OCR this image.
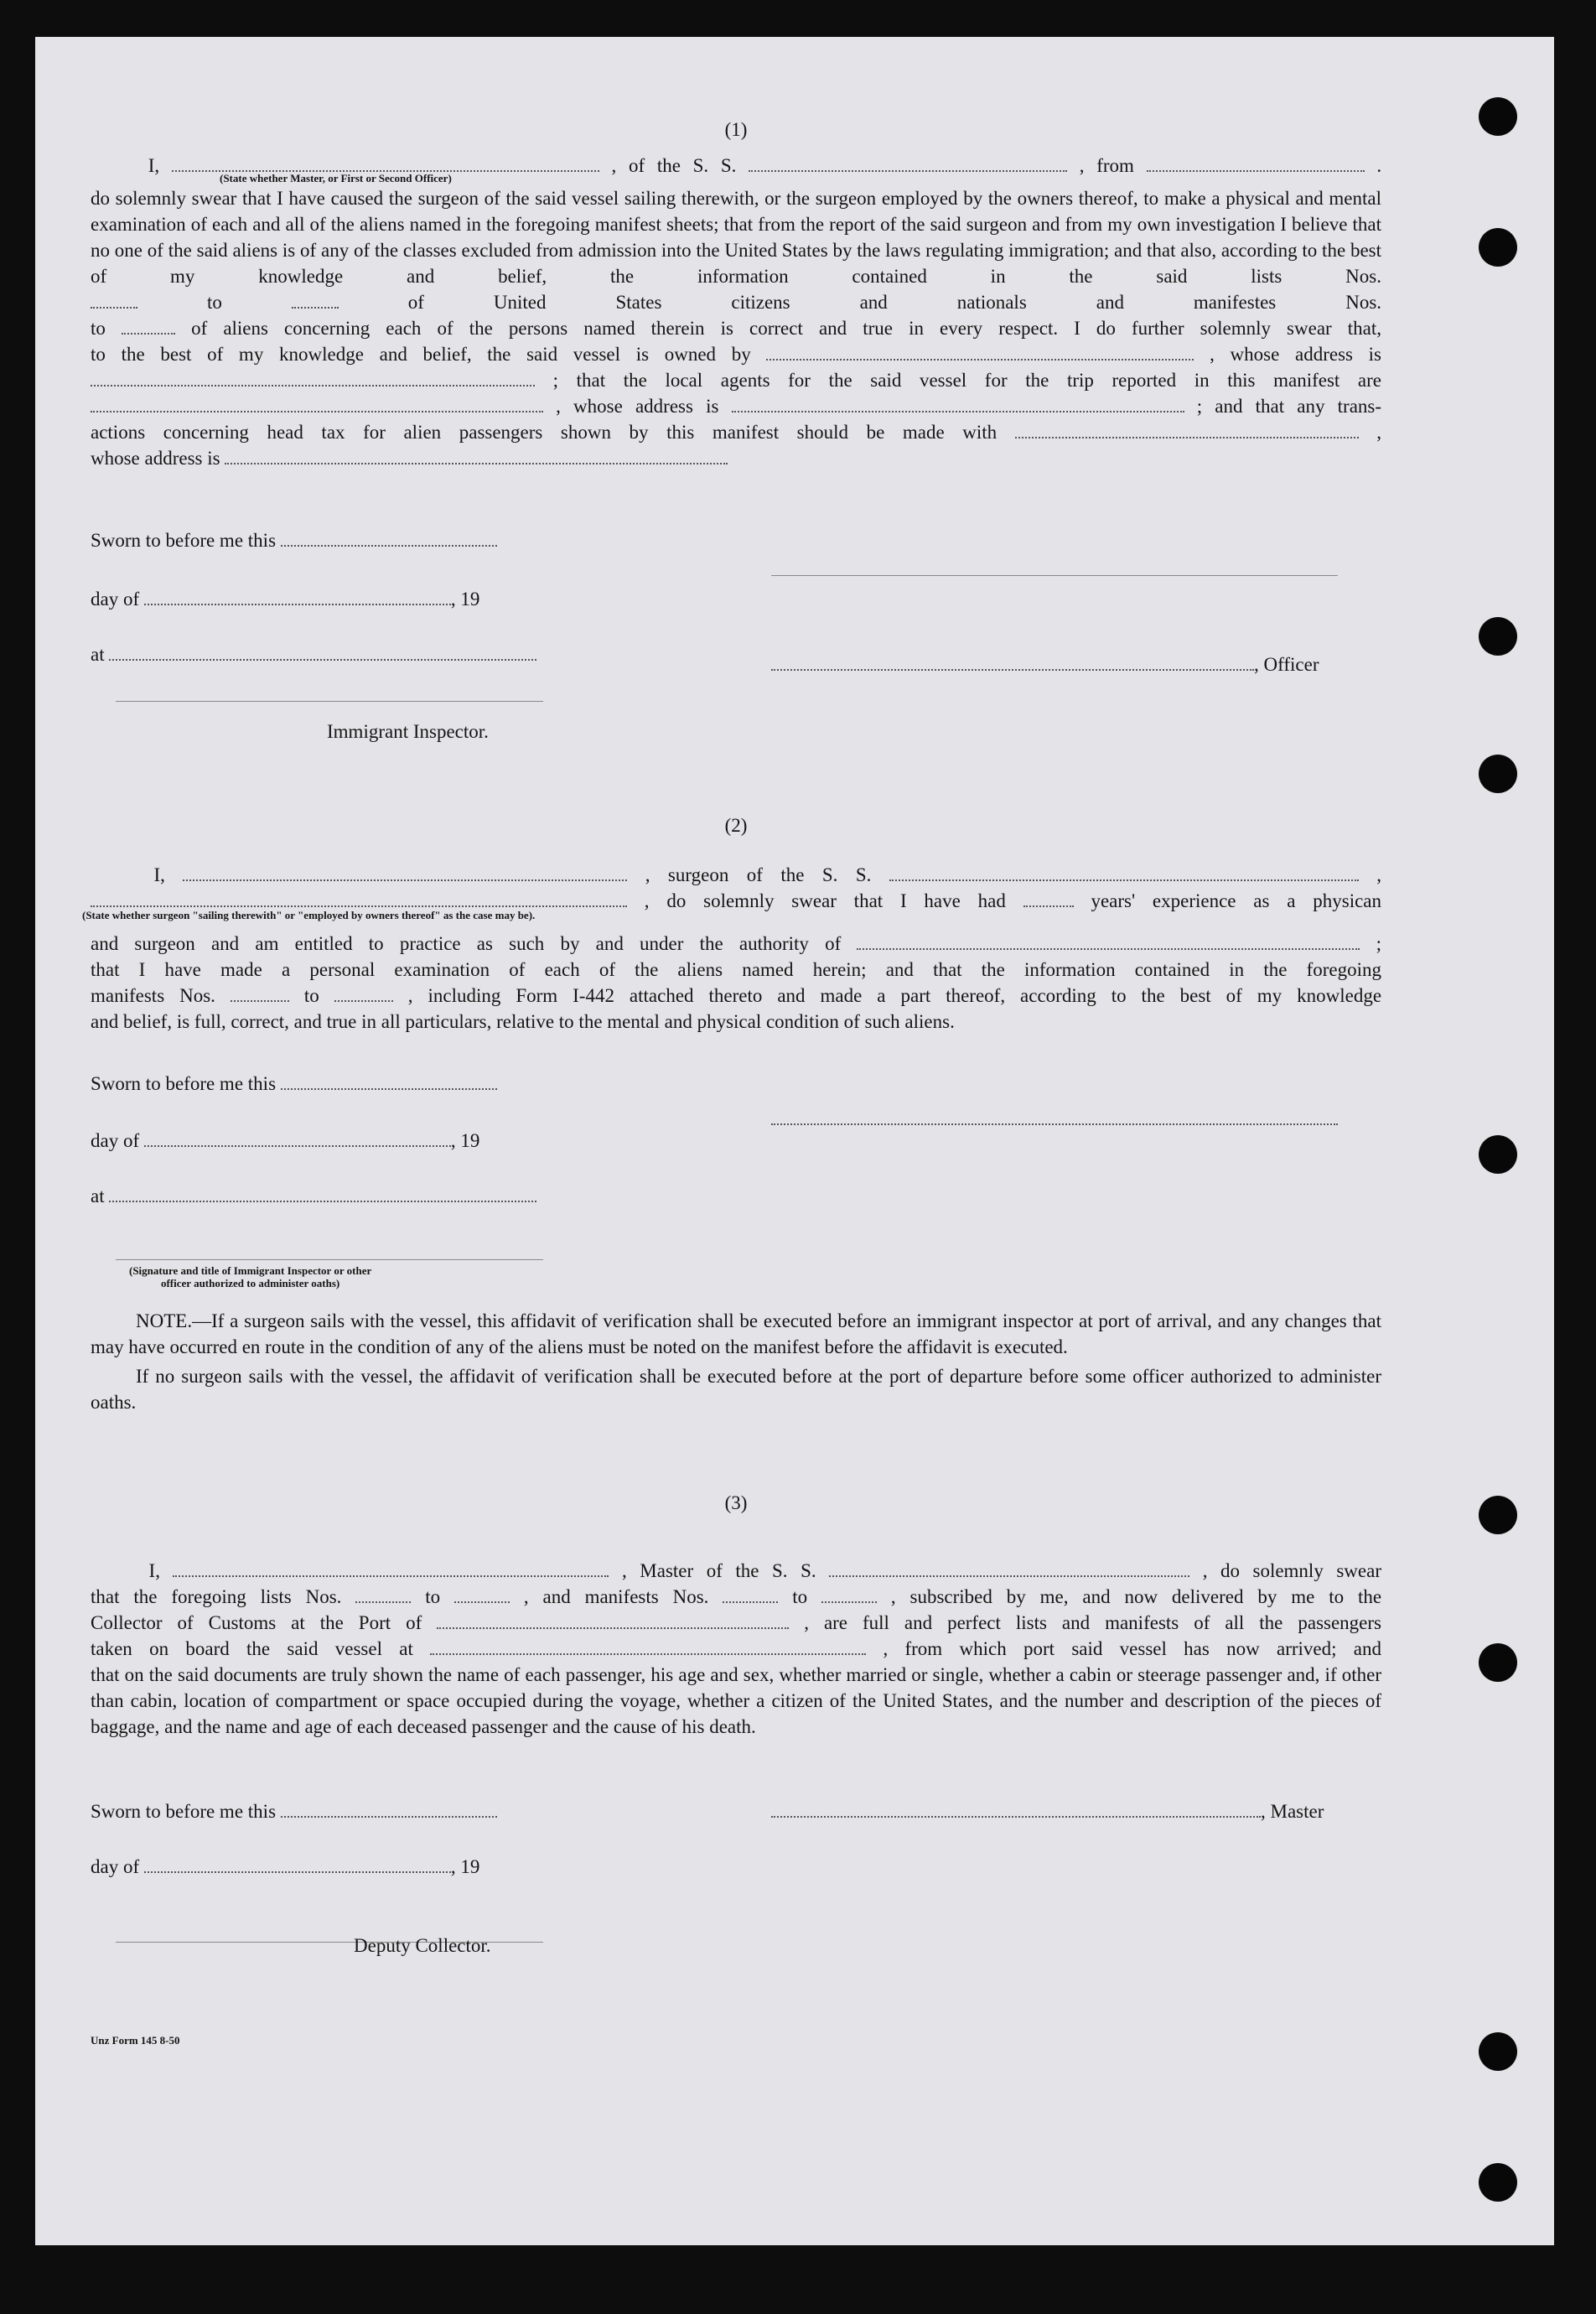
(1)

I,	, of the S. S.	, from	.

(State whether Master, or First or Second Officer)

do solemnly swear that I have caused the surgeon of the said vessel sailing therewith, or the surgeon employed by the owners thereof, to make a physical and mental examination of each and all of the aliens named in the foregoing manifest sheets; that from the report of the said surgeon and from my own investigation I believe that no one of the said aliens is of any of the classes excluded from admission into the United States by the laws regulating immigration; and that also, according to the best of my knowledge and belief, the information contained in the said lists Nos.

to	of United States citizens and nationals and manifestes Nos.

to	of aliens concerning each of the persons named therein is correct and true in every respect. I do further solemnly swear that,

to the best of my knowledge and belief, the said vessel is owned by	, whose address is

; that the local agents for the said vessel for the trip reported in this manifest are

, whose address is	; and that any trans-

actions concerning head tax for alien passengers shown by this manifest should be made with	,

whose address is

Sworn to before me this
day of	, 19
at	, Officer
Immigrant Inspector.
(2)

I,	, surgeon of the S. S.	,

, do solemnly swear that I have had	years' experience as a physican

(State whether surgeon "sailing therewith" or "employed by owners thereof" as the case may be).

and surgeon and am entitled to practice as such by and under the authority of	;

that I have made a personal examination of each of the aliens named herein; and that the information contained in the foregoing

manifests Nos.	to	, including Form I-442 attached thereto and made a part thereof, according to the best of my knowledge

and belief, is full, correct, and true in all particulars, relative to the mental and physical condition of such aliens.

Sworn to before me this
day of	, 19
at
(Signature and title of Immigrant Inspector or other
officer authorized to administer oaths)

NOTE.—If a surgeon sails with the vessel, this affidavit of verification shall be executed before an immigrant inspector at port of arrival, and any changes that may have occurred en route in the condition of any of the aliens must be noted on the manifest before the affidavit is executed.

If no surgeon sails with the vessel, the affidavit of verification shall be executed before at the port of departure before some officer authorized to administer oaths.

(3)

I,	, Master of the S. S.	, do solemnly swear

that the foregoing lists Nos.	to	, and manifests Nos.	to	, subscribed by me, and now delivered by me to the

Collector of Customs at the Port of	, are full and perfect lists and manifests of all the passengers

taken on board the said vessel at	, from which port said vessel has now arrived; and

that on the said documents are truly shown the name of each passenger, his age and sex, whether married or single, whether a cabin or steerage passenger and, if other than cabin, location of compartment or space occupied during the voyage, whether a citizen of the United States, and the number and description of the pieces of baggage, and the name and age of each deceased passenger and the cause of his death.

Sworn to before me this	, Master
day of	, 19
Deputy Collector.
Unz Form 145 8-50
